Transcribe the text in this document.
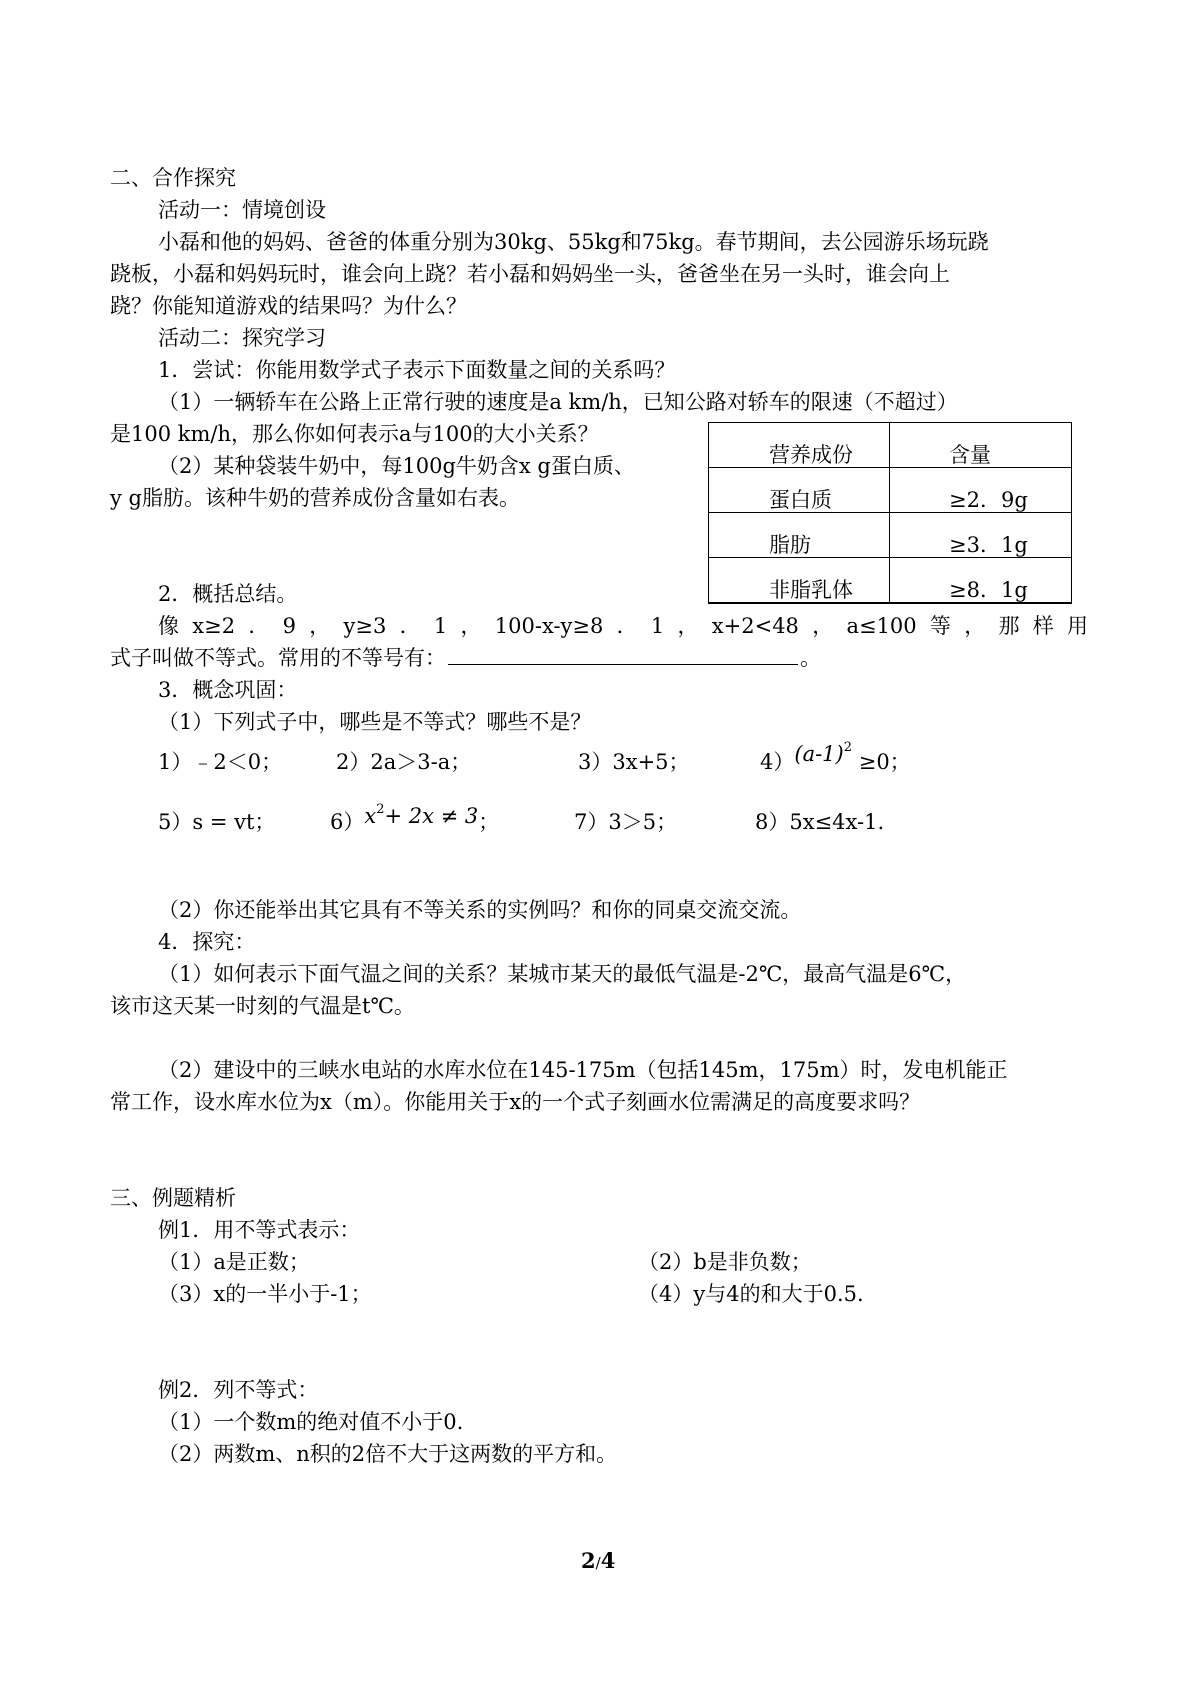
二、合作探究
活动一：情境创设
小磊和他的妈妈、爸爸的体重分别为30kg、55kg和75kg。春节期间，去公园游乐场玩跷
跷板，小磊和妈妈玩时，谁会向上跷？若小磊和妈妈坐一头，爸爸坐在另一头时，谁会向上
跷？你能知道游戏的结果吗？为什么？
活动二：探究学习
1．尝试：你能用数学式子表示下面数量之间的关系吗？
（1）一辆轿车在公路上正常行驶的速度是a km/h，已知公路对轿车的限速（不超过）
是100 km/h，那么你如何表示a与100的大小关系？
（2）某种袋装牛奶中，每100g牛奶含x g蛋白质、
y g脂肪。该种牛奶的营养成份含量如右表。
营养成份	含量
蛋白质	≥2．9g
脂肪	≥3．1g
非脂乳体	≥8．1g
2．概括总结。
像 x≥2 ． 9 ， y≥3 ． 1 ， 100-x-y≥8 ． 1 ， x+2<48 ， a≤100 等 ， 那 样 用
式子叫做不等式。常用的不等号有：	。
3．概念巩固：
（1）下列式子中，哪些是不等式？哪些不是？
1）﹣2＜0；	2）2a＞3-a；	3）3x+5；	$4)(a-1)^2 \ge 0$；
5）s = vt；	$6)x^2+ 2x \ne 3$；	7）3＞5；	8）5x≤4x-1.
（2）你还能举出其它具有不等关系的实例吗？和你的同桌交流交流。
4．探究：
（1）如何表示下面气温之间的关系？某城市某天的最低气温是-2℃，最高气温是6℃，
该市这天某一时刻的气温是t℃。
（2）建设中的三峡水电站的水库水位在145-175m（包括145m，175m）时，发电机能正
常工作，设水库水位为x（m）。你能用关于x的一个式子刻画水位需满足的高度要求吗？
三、例题精析
例1．用不等式表示：
（1）a是正数；	（2）b是非负数；
（3）x的一半小于-1；	（4）y与4的和大于0.5.
例2．列不等式：
（1）一个数m的绝对值不小于0.
（2）两数m、n积的2倍不大于这两数的平方和。
2/4
